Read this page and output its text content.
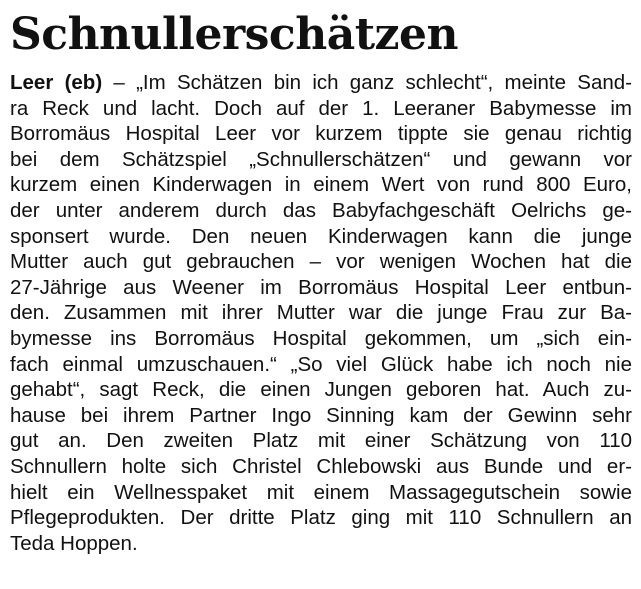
Schnullerschätzen
Leer (eb) – „Im Schätzen bin ich ganz schlecht“, meinte Sand-
ra Reck und lacht. Doch auf der 1. Leeraner Babymesse im
Borromäus Hospital Leer vor kurzem tippte sie genau richtig
bei dem Schätzspiel „Schnullerschätzen“ und gewann vor
kurzem einen Kinderwagen in einem Wert von rund 800 Euro,
der unter anderem durch das Babyfachgeschäft Oelrichs ge-
sponsert wurde. Den neuen Kinderwagen kann die junge
Mutter auch gut gebrauchen – vor wenigen Wochen hat die
27-Jährige aus Weener im Borromäus Hospital Leer entbun-
den. Zusammen mit ihrer Mutter war die junge Frau zur Ba-
bymesse ins Borromäus Hospital gekommen, um „sich ein-
fach einmal umzuschauen.“ „So viel Glück habe ich noch nie
gehabt“, sagt Reck, die einen Jungen geboren hat. Auch zu-
hause bei ihrem Partner Ingo Sinning kam der Gewinn sehr
gut an. Den zweiten Platz mit einer Schätzung von 110
Schnullern holte sich Christel Chlebowski aus Bunde und er-
hielt ein Wellnesspaket mit einem Massagegutschein sowie
Pflegeprodukten. Der dritte Platz ging mit 110 Schnullern an
Teda Hoppen.
